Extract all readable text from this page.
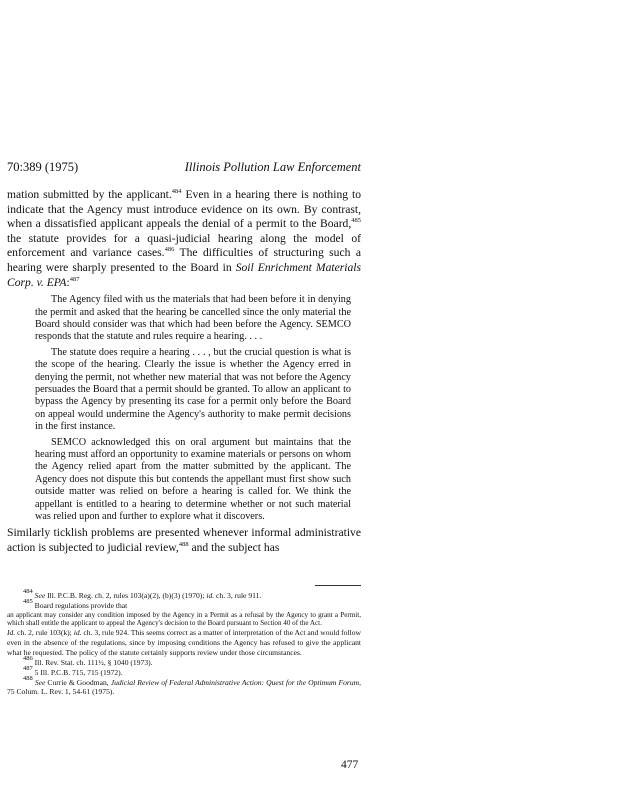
70:389 (1975)	Illinois Pollution Law Enforcement

mation submitted by the applicant.$^{484}$ Even in a hearing there is nothing to indicate that the Agency must introduce evidence on its own. By contrast, when a dissatisfied applicant appeals the denial of a permit to the Board,$^{485}$ the statute provides for a quasi-judicial hearing along the model of enforcement and variance cases.$^{486}$ The difficulties of structuring such a hearing were sharply presented to the Board in Soil Enrichment Materials Corp. v. EPA:$^{487}$

The Agency filed with us the materials that had been before it in denying the permit and asked that the hearing be cancelled since the only material the Board should consider was that which had been before the Agency. SEMCO responds that the statute and rules require a hearing. . . .

The statute does require a hearing . . . , but the crucial question is what is the scope of the hearing. Clearly the issue is whether the Agency erred in denying the permit, not whether new material that was not before the Agency persuades the Board that a permit should be granted. To allow an applicant to bypass the Agency by presenting its case for a permit only before the Board on appeal would undermine the Agency's authority to make permit decisions in the first instance.

SEMCO acknowledged this on oral argument but maintains that the hearing must afford an opportunity to examine materials or persons on whom the Agency relied apart from the matter submitted by the applicant. The Agency does not dispute this but contends the appellant must first show such outside matter was relied on before a hearing is called for. We think the appellant is entitled to a hearing to determine whether or not such material was relied upon and further to explore what it discovers.

Similarly ticklish problems are presented whenever informal administrative action is subjected to judicial review,$^{488}$ and the subject has

$^{484}$ See Ill. P.C.B. Reg. ch. 2, rules 103(a)(2), (b)(3) (1970); id. ch. 3, rule 911.

$^{485}$ Board regulations provide that

an applicant may consider any condition imposed by the Agency in a Permit as a refusal by the Agency to grant a Permit, which shall entitle the applicant to appeal the Agency's decision to the Board pursuant to Section 40 of the Act.

Id. ch. 2, rule 103(k); id. ch. 3, rule 924. This seems correct as a matter of interpretation of the Act and would follow even in the absence of the regulations, since by imposing conditions the Agency has refused to give the applicant what he requested. The policy of the statute certainly supports review under those circumstances.

$^{486}$ Ill. Rev. Stat. ch. 111½, § 1040 (1973).

$^{487}$ 5 Ill. P.C.B. 715, 715 (1972).

$^{488}$ See Currie & Goodman, Judicial Review of Federal Administrative Action: Quest for the Optimum Forum, 75 Colum. L. Rev. 1, 54-61 (1975).

477
